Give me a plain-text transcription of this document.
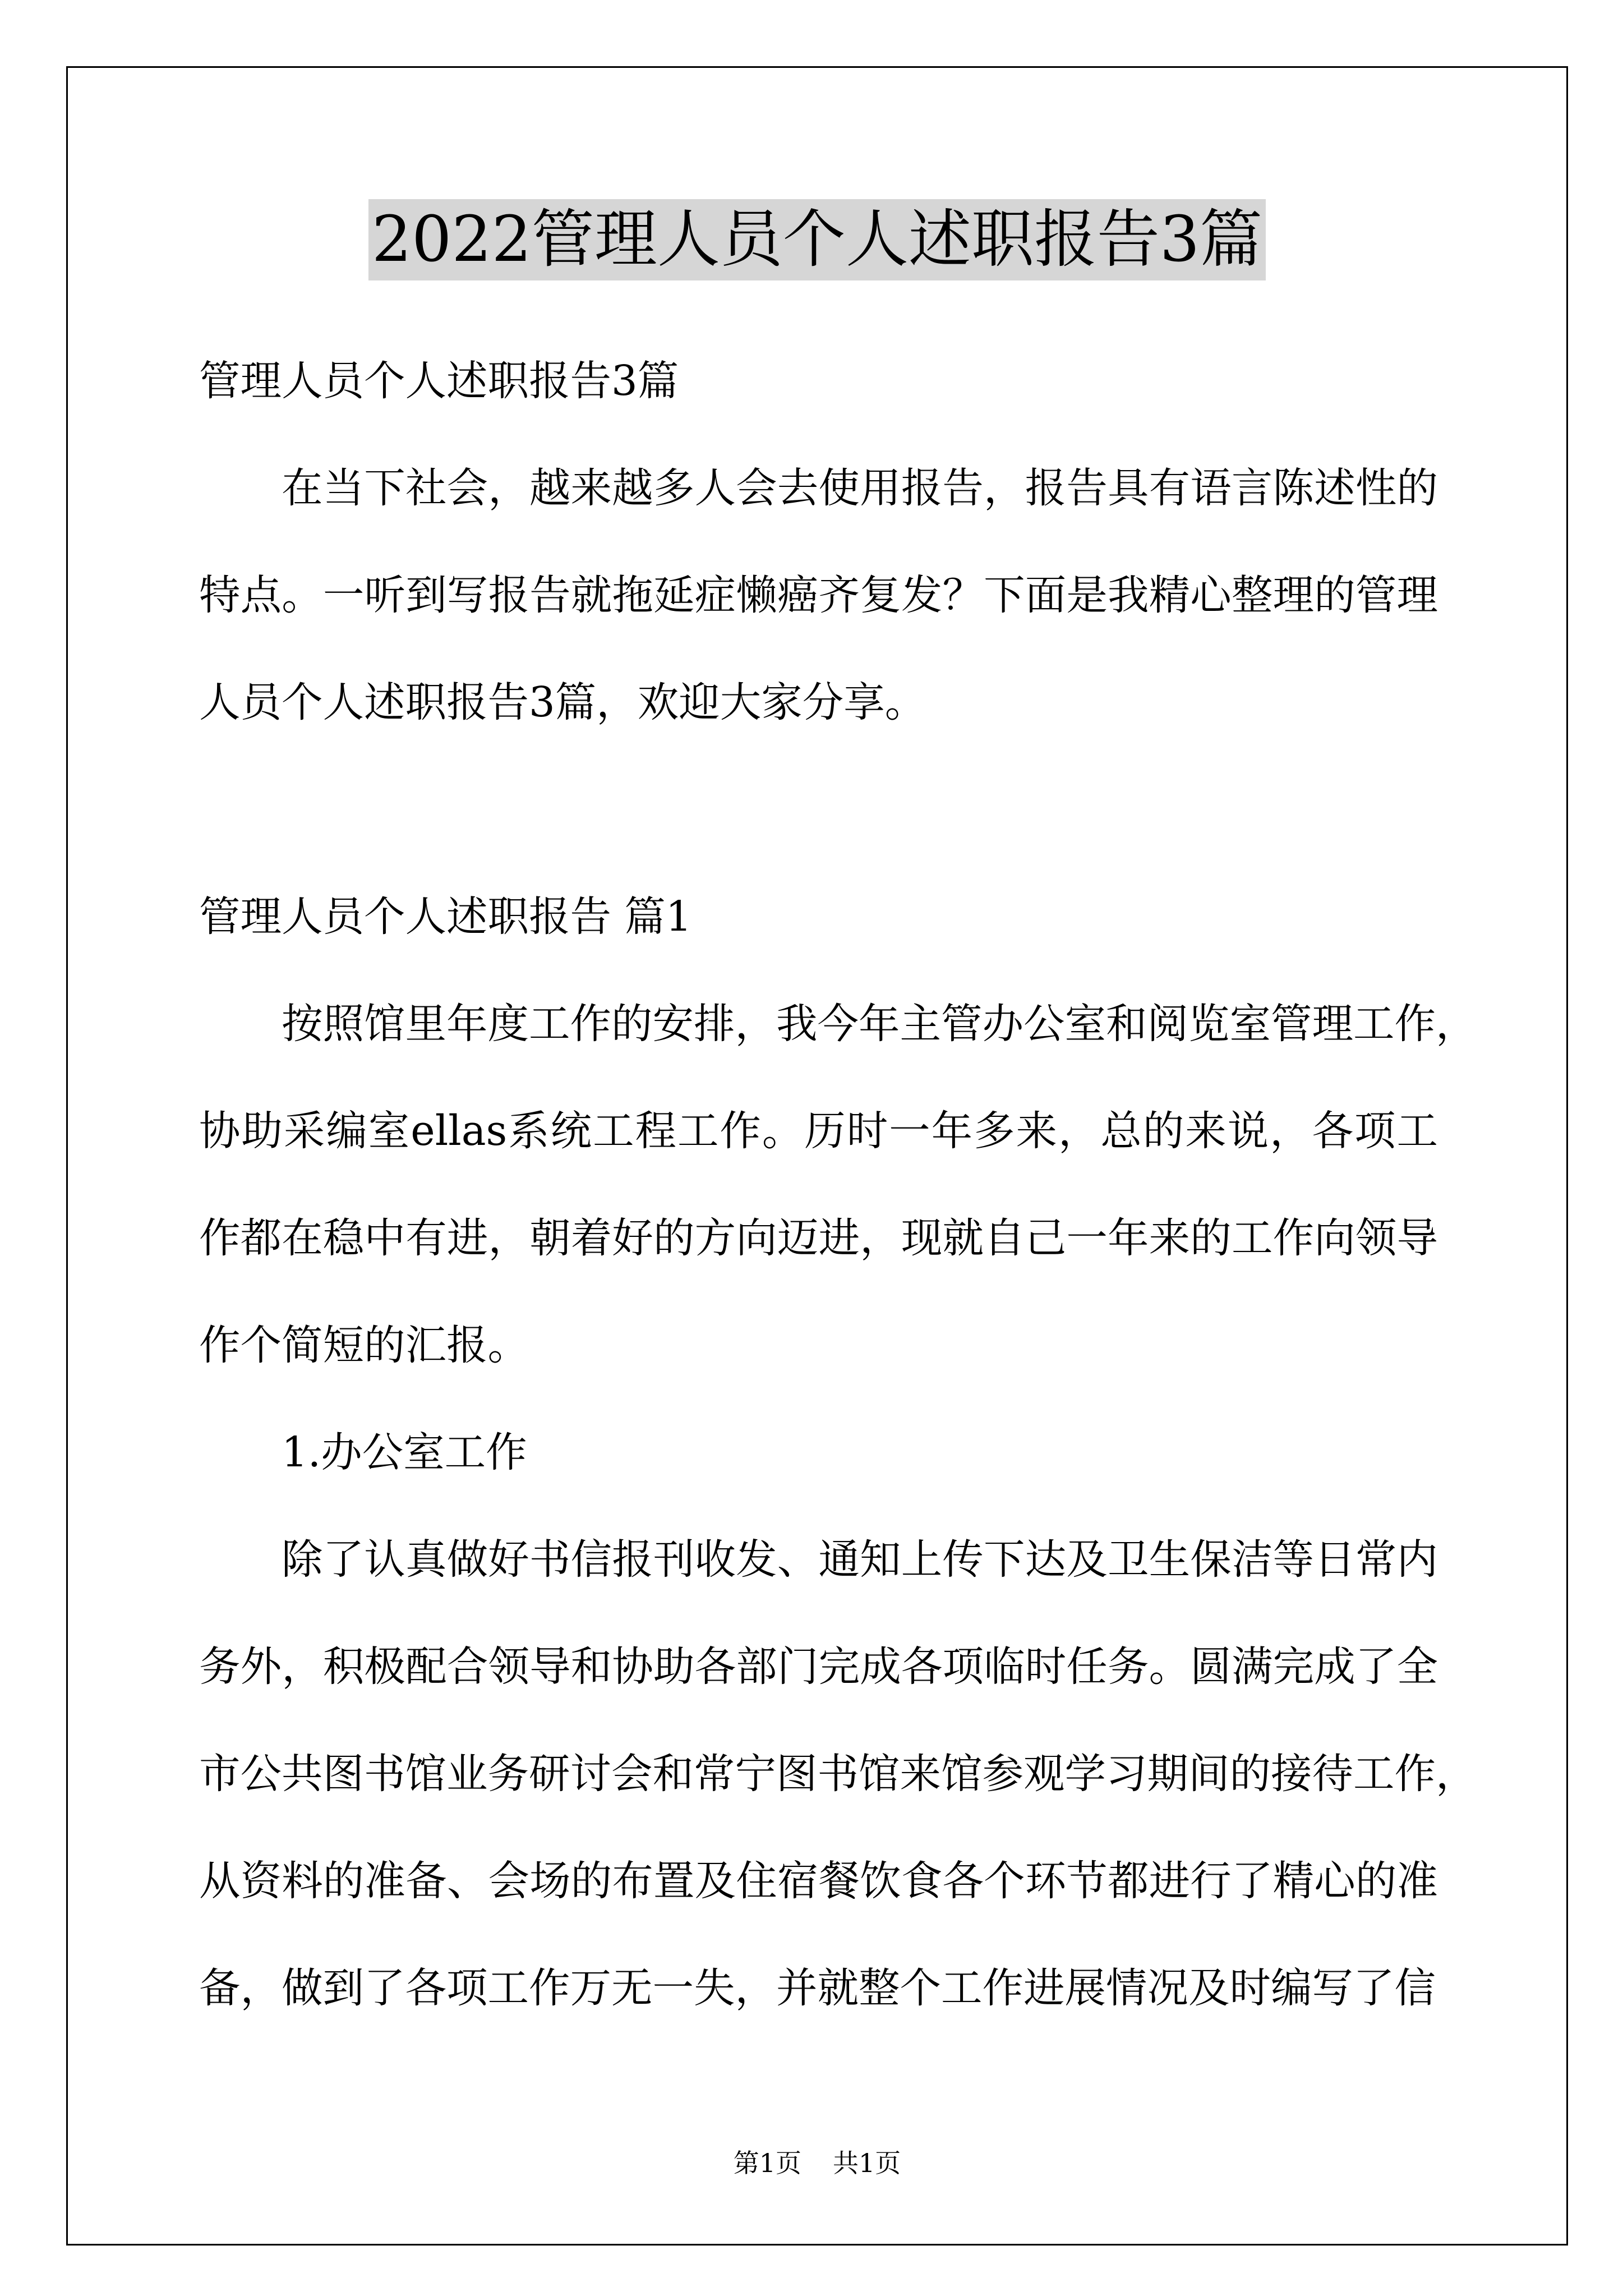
2022管理人员个人述职报告3篇
管理人员个人述职报告3篇
在当下社会，越来越多人会去使用报告，报告具有语言陈述性的
特点。一听到写报告就拖延症懒癌齐复发？下面是我精心整理的管理
人员个人述职报告3篇，欢迎大家分享。
管理人员个人述职报告 篇1
按照馆里年度工作的安排，我今年主管办公室和阅览室管理工作，
协助采编室ellas系统工程工作。历时一年多来，总的来说，各项工
作都在稳中有进，朝着好的方向迈进，现就自己一年来的工作向领导
作个简短的汇报。
1.办公室工作
除了认真做好书信报刊收发、通知上传下达及卫生保洁等日常内
务外，积极配合领导和协助各部门完成各项临时任务。圆满完成了全
市公共图书馆业务研讨会和常宁图书馆来馆参观学习期间的接待工作，
从资料的准备、会场的布置及住宿餐饮食各个环节都进行了精心的准
备，做到了各项工作万无一失，并就整个工作进展情况及时编写了信
第1页 共1页
